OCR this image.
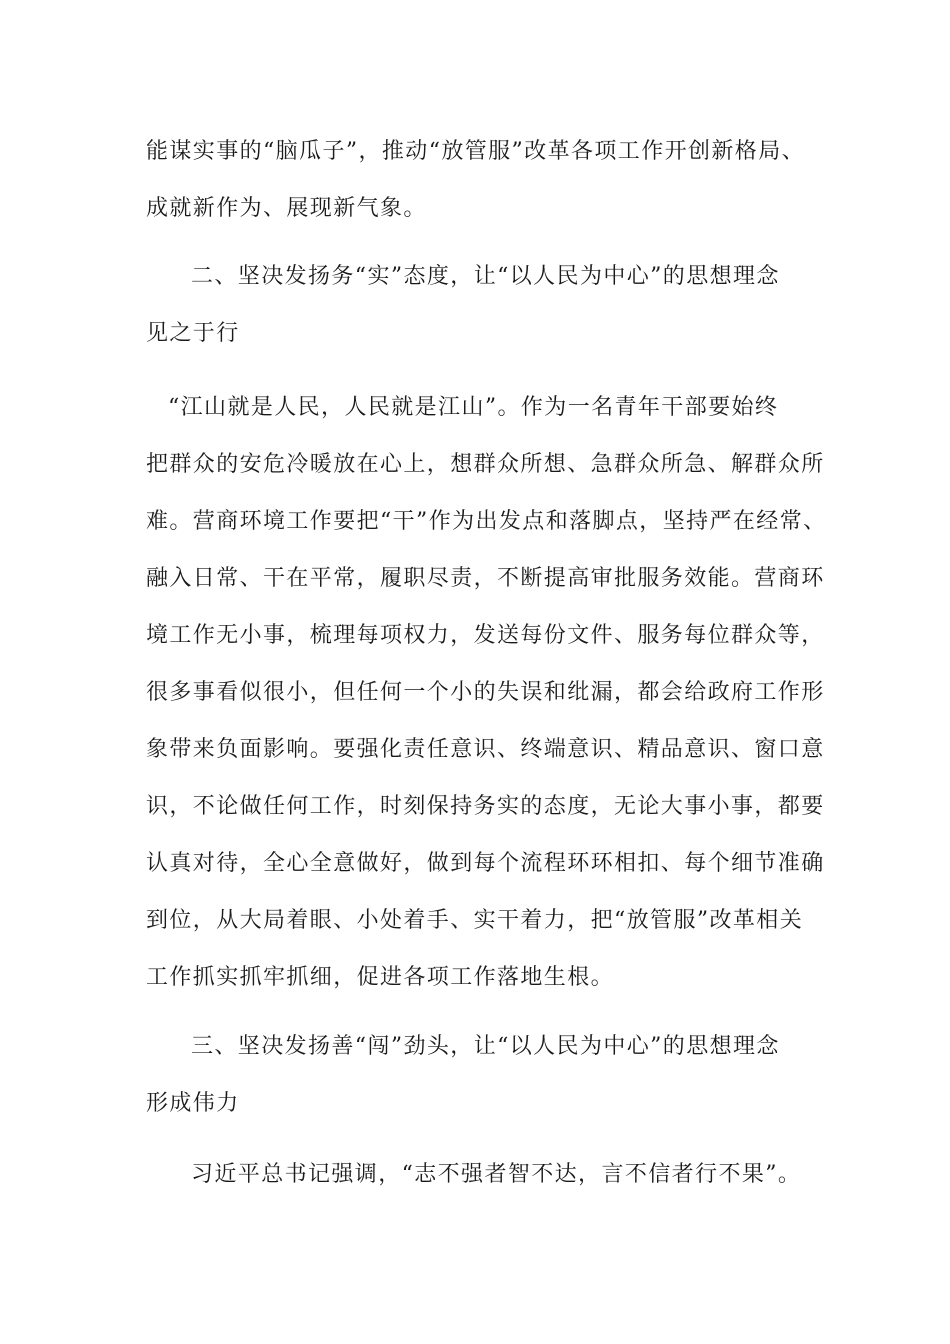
能谋实事的“脑瓜子”，推动“放管服”改革各项工作开创新格局、
成就新作为、展现新气象。
二、坚决发扬务“实”态度，让“以人民为中心”的思想理念
见之于行
“江山就是人民，人民就是江山”。作为一名青年干部要始终
把群众的安危冷暖放在心上，想群众所想、急群众所急、解群众所
难。营商环境工作要把“干”作为出发点和落脚点，坚持严在经常、
融入日常、干在平常，履职尽责，不断提高审批服务效能。营商环
境工作无小事，梳理每项权力，发送每份文件、服务每位群众等，
很多事看似很小，但任何一个小的失误和纰漏，都会给政府工作形
象带来负面影响。要强化责任意识、终端意识、精品意识、窗口意
识，不论做任何工作，时刻保持务实的态度，无论大事小事，都要
认真对待，全心全意做好，做到每个流程环环相扣、每个细节准确
到位，从大局着眼、小处着手、实干着力，把“放管服”改革相关
工作抓实抓牢抓细，促进各项工作落地生根。
三、坚决发扬善“闯”劲头，让“以人民为中心”的思想理念
形成伟力
习近平总书记强调，“志不强者智不达，言不信者行不果”。
